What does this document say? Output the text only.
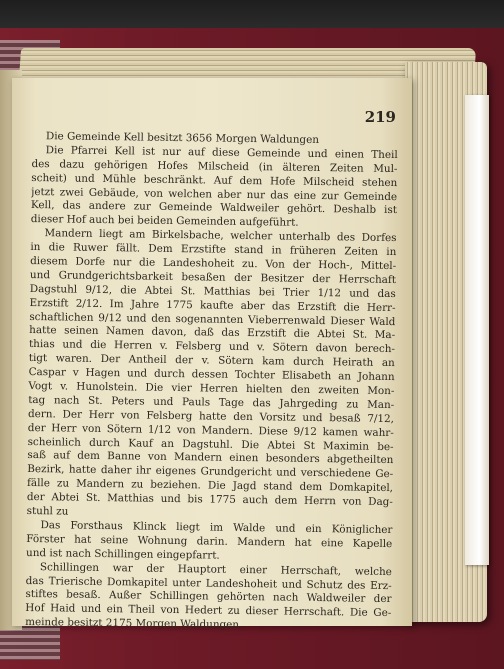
219
Die Gemeinde Kell besitzt 3656 Morgen Waldungen
Die Pfarrei Kell ist nur auf diese Gemeinde und einen Theil
des dazu gehörigen Hofes Milscheid (in älteren Zeiten Mul-
scheit) und Mühle beschränkt. Auf dem Hofe Milscheid stehen
jetzt zwei Gebäude, von welchen aber nur das eine zur Gemeinde
Kell, das andere zur Gemeinde Waldweiler gehört. Deshalb ist
dieser Hof auch bei beiden Gemeinden aufgeführt.
Mandern liegt am Birkelsbache, welcher unterhalb des Dorfes
in die Ruwer fällt. Dem Erzstifte stand in früheren Zeiten in
diesem Dorfe nur die Landeshoheit zu. Von der Hoch-, Mittel-
und Grundgerichtsbarkeit besaßen der Besitzer der Herrschaft
Dagstuhl 9/12, die Abtei St. Matthias bei Trier 1/12 und das
Erzstift 2/12. Im Jahre 1775 kaufte aber das Erzstift die Herr-
schaftlichen 9/12 und den sogenannten Vieberrenwald Dieser Wald
hatte seinen Namen davon, daß das Erzstift die Abtei St. Ma-
thias und die Herren v. Felsberg und v. Sötern davon berech-
tigt waren. Der Antheil der v. Sötern kam durch Heirath an
Caspar v Hagen und durch dessen Tochter Elisabeth an Johann
Vogt v. Hunolstein. Die vier Herren hielten den zweiten Mon-
tag nach St. Peters und Pauls Tage das Jahrgeding zu Man-
dern. Der Herr von Felsberg hatte den Vorsitz und besaß 7/12,
der Herr von Sötern 1/12 von Mandern. Diese 9/12 kamen wahr-
scheinlich durch Kauf an Dagstuhl. Die Abtei St Maximin be-
saß auf dem Banne von Mandern einen besonders abgetheilten
Bezirk, hatte daher ihr eigenes Grundgericht und verschiedene Ge-
fälle zu Mandern zu beziehen. Die Jagd stand dem Domkapitel,
der Abtei St. Matthias und bis 1775 auch dem Herrn von Dag-
stuhl zu
Das Forsthaus Klinck liegt im Walde und ein Königlicher
Förster hat seine Wohnung darin. Mandern hat eine Kapelle
und ist nach Schillingen eingepfarrt.
Schillingen war der Hauptort einer Herrschaft, welche
das Trierische Domkapitel unter Landeshoheit und Schutz des Erz-
stiftes besaß. Außer Schillingen gehörten nach Waldweiler der
Hof Haid und ein Theil von Hedert zu dieser Herrschaft. Die Ge-
meinde besitzt 2175 Morgen Waldungen.
